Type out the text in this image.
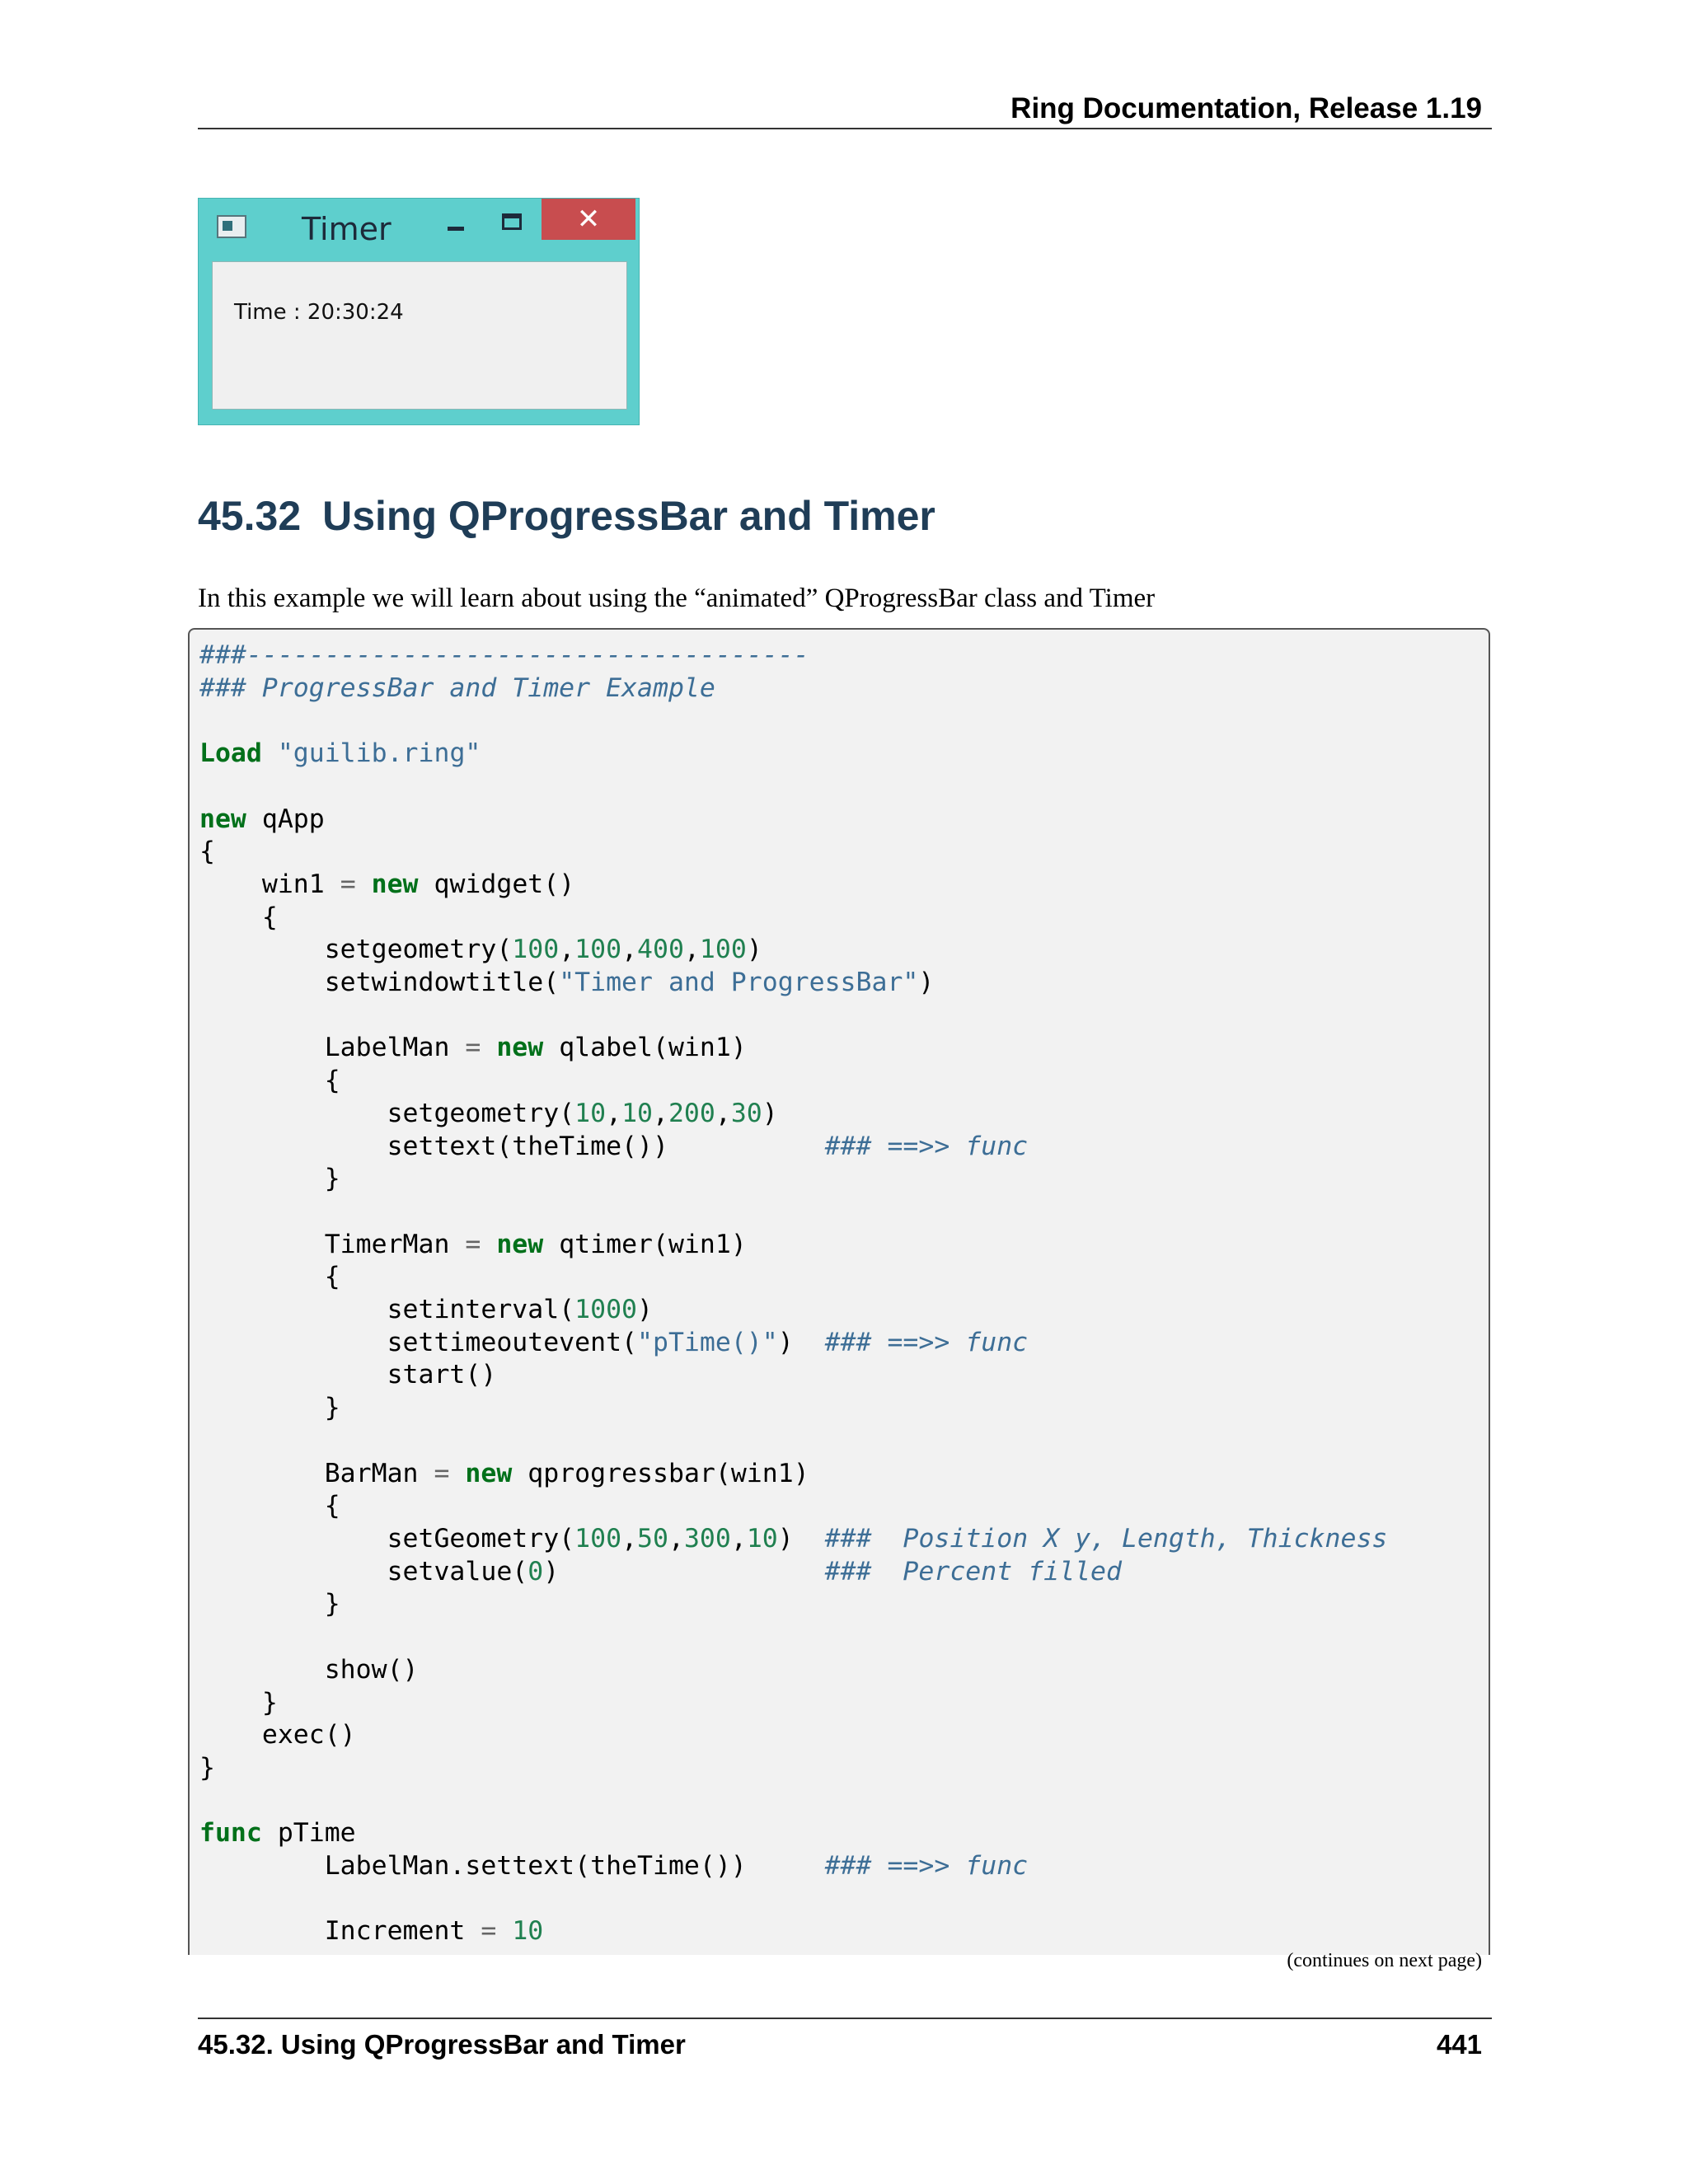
Ring Documentation, Release 1.19
Timer	✕
Time : 20:30:24
45.32 Using QProgressBar and Timer
In this example we will learn about using the “animated” QProgressBar class and Timer
###------------------------------------
### ProgressBar and Timer Example

Load "guilib.ring"

new qApp
{
win1 = new qwidget()
{
setgeometry(100,100,400,100)
setwindowtitle("Timer and ProgressBar")

LabelMan = new qlabel(win1)
{
setgeometry(10,10,200,30)
settext(theTime())          ### ==>> func
}

TimerMan = new qtimer(win1)
{
setinterval(1000)
settimeoutevent("pTime()")  ### ==>> func
start()
}

BarMan = new qprogressbar(win1)
{
setGeometry(100,50,300,10)  ###  Position X y, Length, Thickness
setvalue(0)                 ###  Percent filled
}

show()
}
exec()
}

func pTime
LabelMan.settext(theTime())     ### ==>> func

Increment = 10
(continues on next page)
45.32. Using QProgressBar and Timer	441
